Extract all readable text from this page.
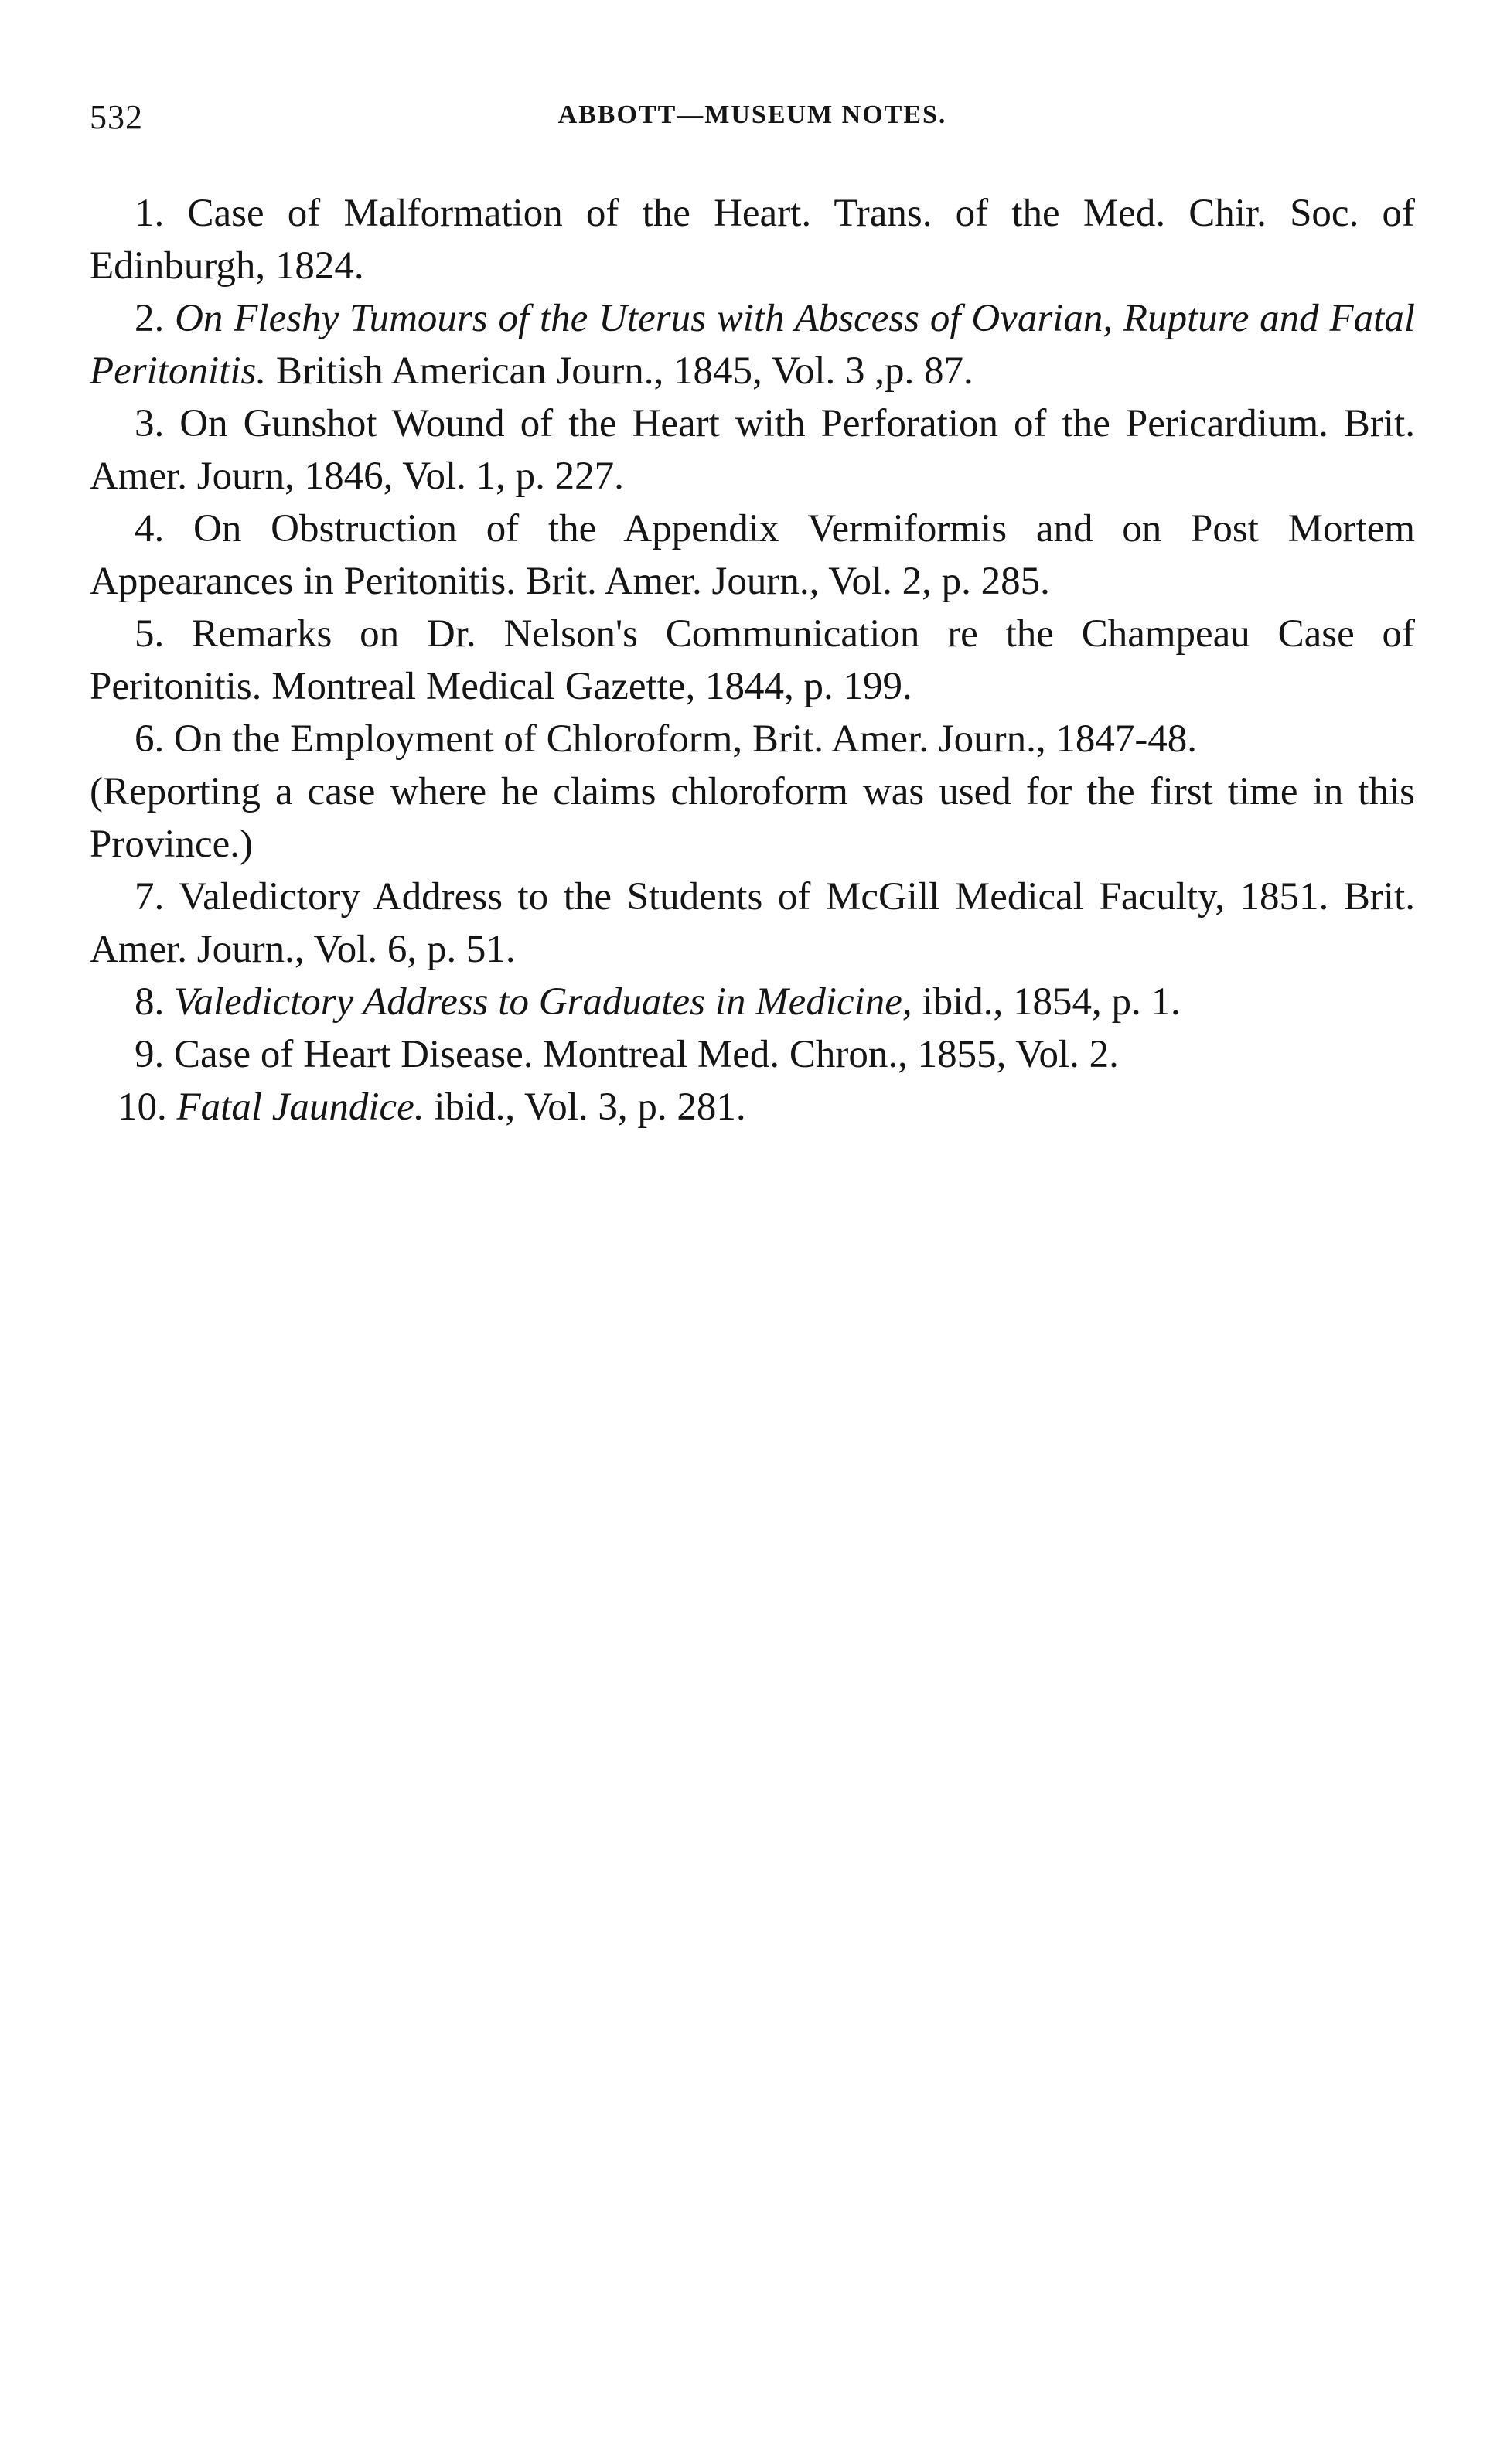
532	ABBOTT—MUSEUM NOTES.

1. Case of Malformation of the Heart. Trans. of the Med. Chir. Soc. of Edinburgh, 1824.

2. On Fleshy Tumours of the Uterus with Abscess of Ovarian, Rupture and Fatal Peritonitis. British American Journ., 1845, Vol. 3 ,p. 87.

3. On Gunshot Wound of the Heart with Perforation of the Pericardium. Brit. Amer. Journ, 1846, Vol. 1, p. 227.

4. On Obstruction of the Appendix Vermiformis and on Post Mortem Appearances in Peritonitis. Brit. Amer. Journ., Vol. 2, p. 285.

5. Remarks on Dr. Nelson's Communication re the Champeau Case of Peritonitis. Montreal Medical Gazette, 1844, p. 199.

6. On the Employment of Chloroform, Brit. Amer. Journ., 1847-48.
(Reporting a case where he claims chloroform was used for the first time in this Province.)

7. Valedictory Address to the Students of McGill Medical Faculty, 1851. Brit. Amer. Journ., Vol. 6, p. 51.

8. Valedictory Address to Graduates in Medicine, ibid., 1854, p. 1.

9. Case of Heart Disease. Montreal Med. Chron., 1855, Vol. 2.

10. Fatal Jaundice. ibid., Vol. 3, p. 281.
